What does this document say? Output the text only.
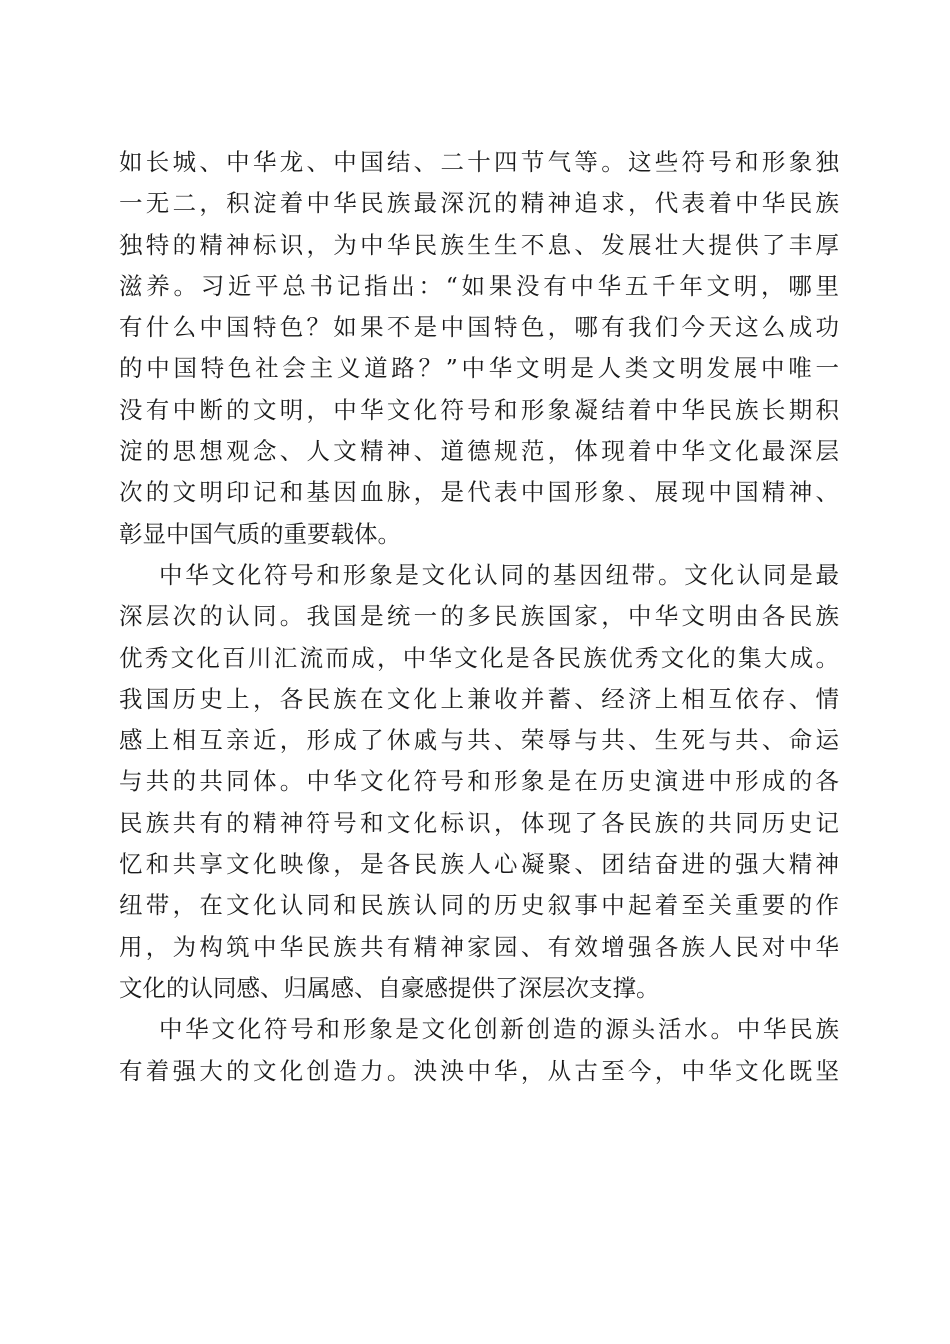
如长城、中华龙、中国结、二十四节气等。这些符号和形象独
一无二，积淀着中华民族最深沉的精神追求，代表着中华民族
独特的精神标识，为中华民族生生不息、发展壮大提供了丰厚
滋养。习近平总书记指出：“如果没有中华五千年文明，哪里
有什么中国特色？如果不是中国特色，哪有我们今天这么成功
的中国特色社会主义道路？”中华文明是人类文明发展中唯一
没有中断的文明，中华文化符号和形象凝结着中华民族长期积
淀的思想观念、人文精神、道德规范，体现着中华文化最深层
次的文明印记和基因血脉，是代表中国形象、展现中国精神、
彰显中国气质的重要载体。
中华文化符号和形象是文化认同的基因纽带。文化认同是最
深层次的认同。我国是统一的多民族国家，中华文明由各民族
优秀文化百川汇流而成，中华文化是各民族优秀文化的集大成。
我国历史上，各民族在文化上兼收并蓄、经济上相互依存、情
感上相互亲近，形成了休戚与共、荣辱与共、生死与共、命运
与共的共同体。中华文化符号和形象是在历史演进中形成的各
民族共有的精神符号和文化标识，体现了各民族的共同历史记
忆和共享文化映像，是各民族人心凝聚、团结奋进的强大精神
纽带，在文化认同和民族认同的历史叙事中起着至关重要的作
用，为构筑中华民族共有精神家园、有效增强各族人民对中华
文化的认同感、归属感、自豪感提供了深层次支撑。
中华文化符号和形象是文化创新创造的源头活水。中华民族
有着强大的文化创造力。泱泱中华，从古至今，中华文化既坚
